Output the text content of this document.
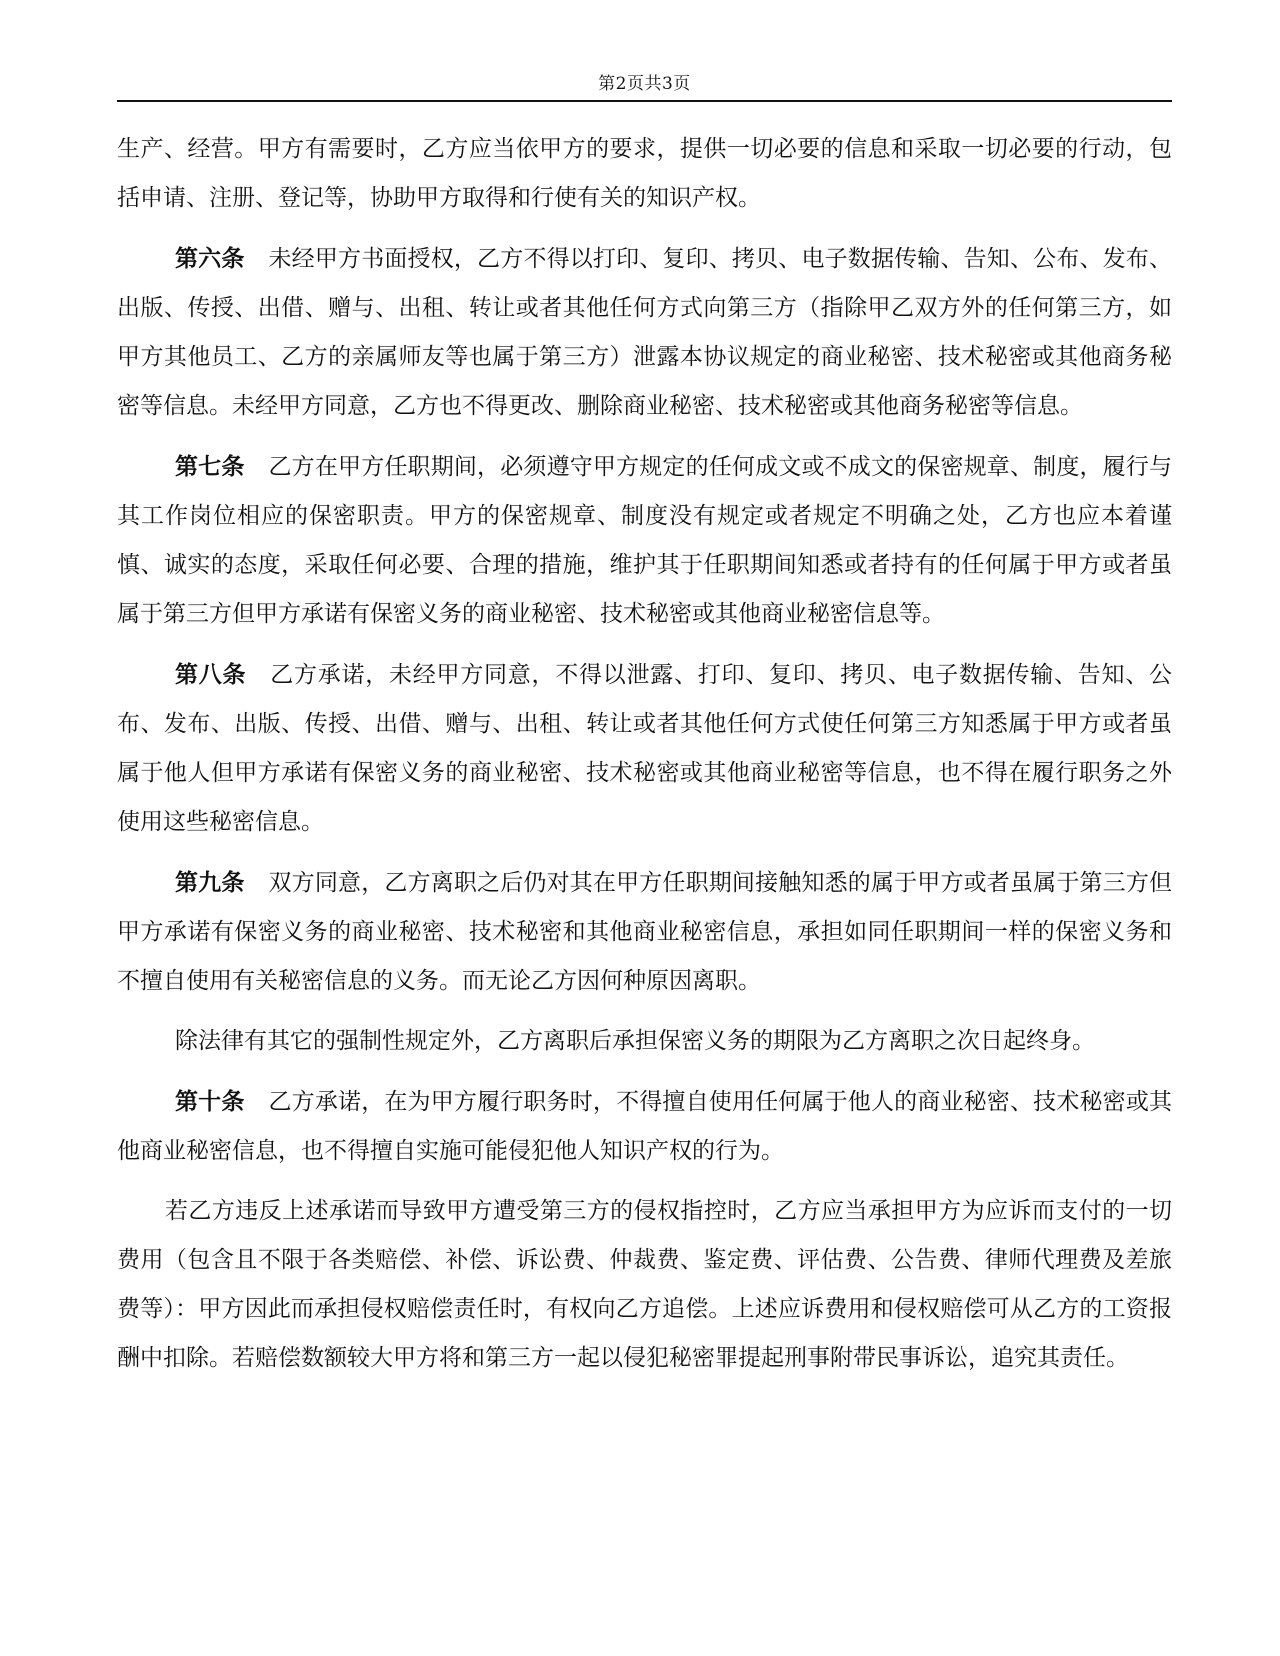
第2页共3页

生产、经营。甲方有需要时，乙方应当依甲方的要求，提供一切必要的信息和采取一切必要的行动，包括申请、注册、登记等，协助甲方取得和行使有关的知识产权。

第六条 未经甲方书面授权，乙方不得以打印、复印、拷贝、电子数据传输、告知、公布、发布、出版、传授、出借、赠与、出租、转让或者其他任何方式向第三方（指除甲乙双方外的任何第三方，如甲方其他员工、乙方的亲属师友等也属于第三方）泄露本协议规定的商业秘密、技术秘密或其他商务秘密等信息。未经甲方同意，乙方也不得更改、删除商业秘密、技术秘密或其他商务秘密等信息。

第七条 乙方在甲方任职期间，必须遵守甲方规定的任何成文或不成文的保密规章、制度，履行与其工作岗位相应的保密职责。甲方的保密规章、制度没有规定或者规定不明确之处，乙方也应本着谨慎、诚实的态度，采取任何必要、合理的措施，维护其于任职期间知悉或者持有的任何属于甲方或者虽属于第三方但甲方承诺有保密义务的商业秘密、技术秘密或其他商业秘密信息等。

第八条 乙方承诺，未经甲方同意，不得以泄露、打印、复印、拷贝、电子数据传输、告知、公布、发布、出版、传授、出借、赠与、出租、转让或者其他任何方式使任何第三方知悉属于甲方或者虽属于他人但甲方承诺有保密义务的商业秘密、技术秘密或其他商业秘密等信息，也不得在履行职务之外使用这些秘密信息。

第九条 双方同意，乙方离职之后仍对其在甲方任职期间接触知悉的属于甲方或者虽属于第三方但甲方承诺有保密义务的商业秘密、技术秘密和其他商业秘密信息，承担如同任职期间一样的保密义务和不擅自使用有关秘密信息的义务。而无论乙方因何种原因离职。

除法律有其它的强制性规定外，乙方离职后承担保密义务的期限为乙方离职之次日起终身。

第十条 乙方承诺，在为甲方履行职务时，不得擅自使用任何属于他人的商业秘密、技术秘密或其他商业秘密信息，也不得擅自实施可能侵犯他人知识产权的行为。

若乙方违反上述承诺而导致甲方遭受第三方的侵权指控时，乙方应当承担甲方为应诉而支付的一切费用（包含且不限于各类赔偿、补偿、诉讼费、仲裁费、鉴定费、评估费、公告费、律师代理费及差旅费等）：甲方因此而承担侵权赔偿责任时，有权向乙方追偿。上述应诉费用和侵权赔偿可从乙方的工资报酬中扣除。若赔偿数额较大甲方将和第三方一起以侵犯秘密罪提起刑事附带民事诉讼，追究其责任。
